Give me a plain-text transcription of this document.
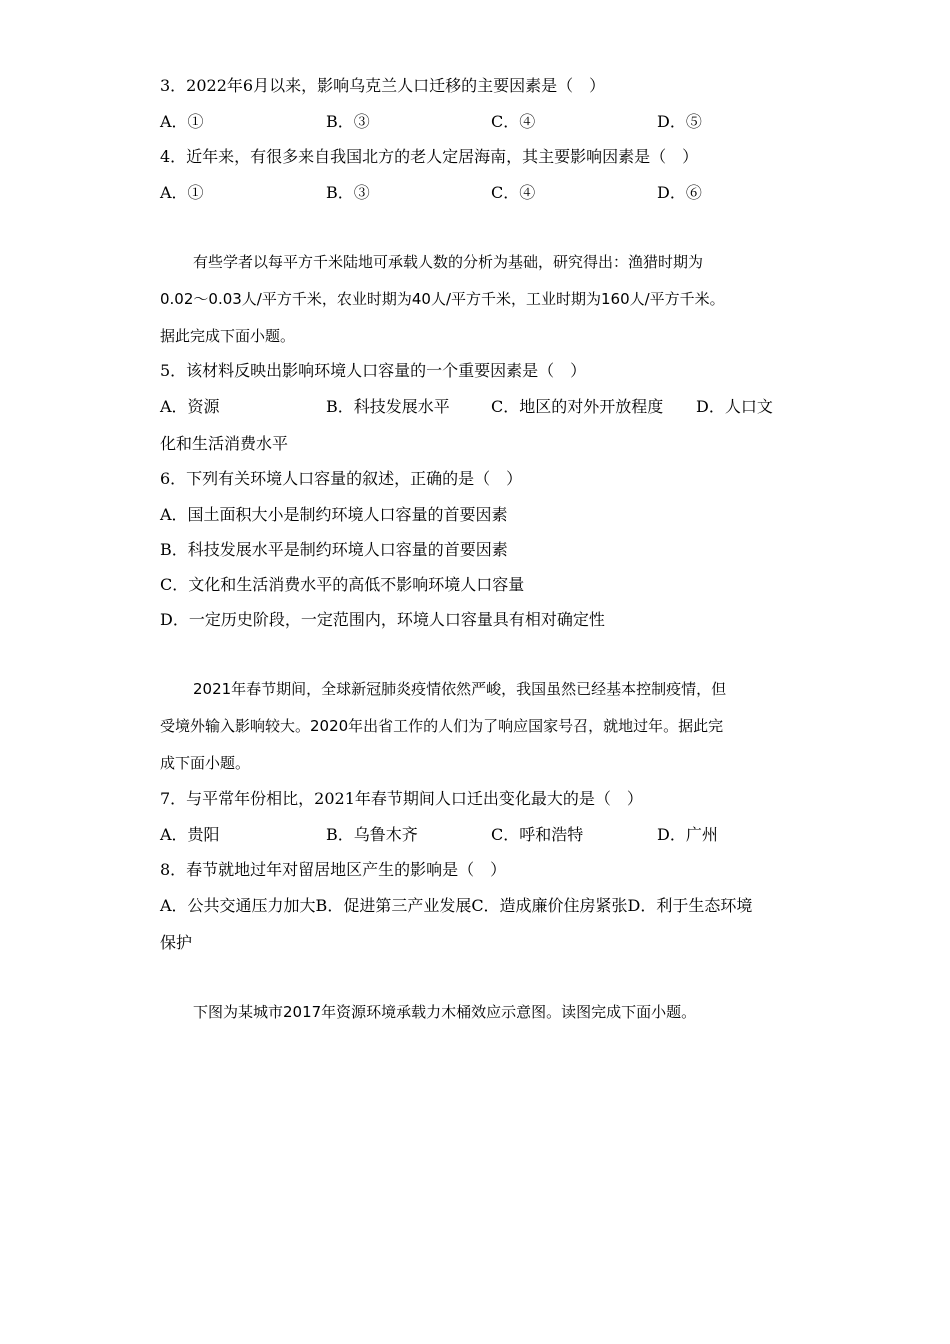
3．2022年6月以来，影响乌克兰人口迁移的主要因素是（　）
A．①	B．③	C．④	D．⑤
4．近年来，有很多来自我国北方的老人定居海南，其主要影响因素是（　）
A．①	B．③	C．④	D．⑥
有些学者以每平方千米陆地可承载人数的分析为基础，研究得出：渔猎时期为
0.02～0.03人/平方千米，农业时期为40人/平方千米，工业时期为160人/平方千米。
据此完成下面小题。
5．该材料反映出影响环境人口容量的一个重要因素是（　）
A．资源	B．科技发展水平	C．地区的对外开放程度 D．人口文
化和生活消费水平
6．下列有关环境人口容量的叙述，正确的是（　）
A．国土面积大小是制约环境人口容量的首要因素
B．科技发展水平是制约环境人口容量的首要因素
C．文化和生活消费水平的高低不影响环境人口容量
D．一定历史阶段，一定范围内，环境人口容量具有相对确定性
2021年春节期间，全球新冠肺炎疫情依然严峻，我国虽然已经基本控制疫情，但
受境外输入影响较大。2020年出省工作的人们为了响应国家号召，就地过年。据此完
成下面小题。
7．与平常年份相比，2021年春节期间人口迁出变化最大的是（　）
A．贵阳	B．乌鲁木齐	C．呼和浩特	D．广州
8．春节就地过年对留居地区产生的影响是（　）
A．公共交通压力加大B．促进第三产业发展C．造成廉价住房紧张D．利于生态环境
保护
下图为某城市2017年资源环境承载力木桶效应示意图。读图完成下面小题。
